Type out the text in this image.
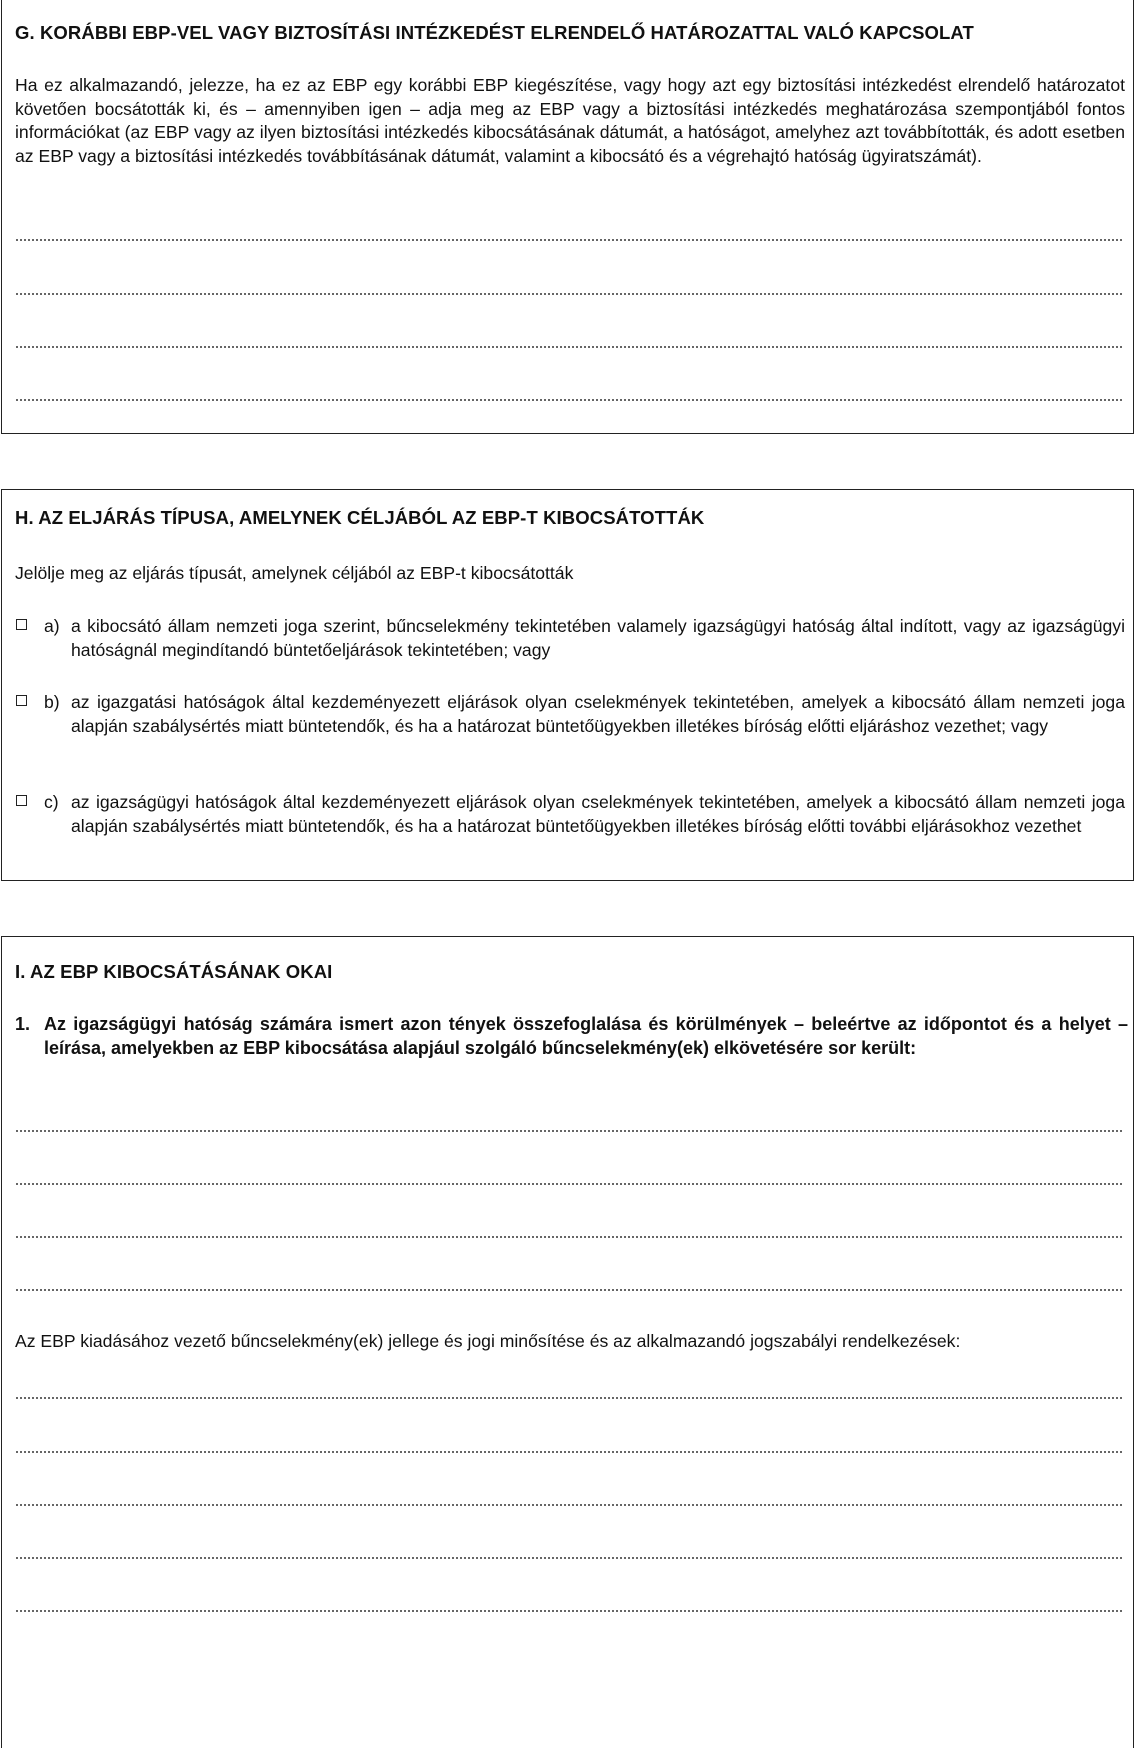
G. KORÁBBI EBP-VEL VAGY BIZTOSÍTÁSI INTÉZKEDÉST ELRENDELŐ HATÁROZATTAL VALÓ KAPCSOLAT
Ha ez alkalmazandó, jelezze, ha ez az EBP egy korábbi EBP kiegészítése, vagy hogy azt egy biztosítási intézkedést elrendelő határozatot követően bocsátották ki, és – amennyiben igen – adja meg az EBP vagy a biztosítási intézkedés meghatározása szempontjából fontos információkat (az EBP vagy az ilyen biztosítási intézkedés kibocsátásának dátumát, a hatóságot, amelyhez azt továbbították, és adott esetben az EBP vagy a biztosítási intézkedés továbbításának dátumát, valamint a kibocsátó és a végrehajtó hatóság ügyiratszámát).
H. AZ ELJÁRÁS TÍPUSA, AMELYNEK CÉLJÁBÓL AZ EBP-T KIBOCSÁTOTTÁK
Jelölje meg az eljárás típusát, amelynek céljából az EBP-t kibocsátották
a) a kibocsátó állam nemzeti joga szerint, bűncselekmény tekintetében valamely igazságügyi hatóság által indított, vagy az igazságügyi hatóságnál megindítandó büntetőeljárások tekintetében; vagy
b) az igazgatási hatóságok által kezdeményezett eljárások olyan cselekmények tekintetében, amelyek a kibocsátó állam nemzeti joga alapján szabálysértés miatt büntetendők, és ha a határozat büntetőügyekben illetékes bíróság előtti eljáráshoz vezethet; vagy
c) az igazságügyi hatóságok által kezdeményezett eljárások olyan cselekmények tekintetében, amelyek a kibocsátó állam nemzeti joga alapján szabálysértés miatt büntetendők, és ha a határozat büntetőügyekben illetékes bíróság előtti további eljárásokhoz vezethet
I. AZ EBP KIBOCSÁTÁSÁNAK OKAI
1. Az igazságügyi hatóság számára ismert azon tények összefoglalása és körülmények – beleértve az időpontot és a helyet – leírása, amelyekben az EBP kibocsátása alapjául szolgáló bűncselekmény(ek) elkövetésére sor került:
Az EBP kiadásához vezető bűncselekmény(ek) jellege és jogi minősítése és az alkalmazandó jogszabályi rendelkezések:
